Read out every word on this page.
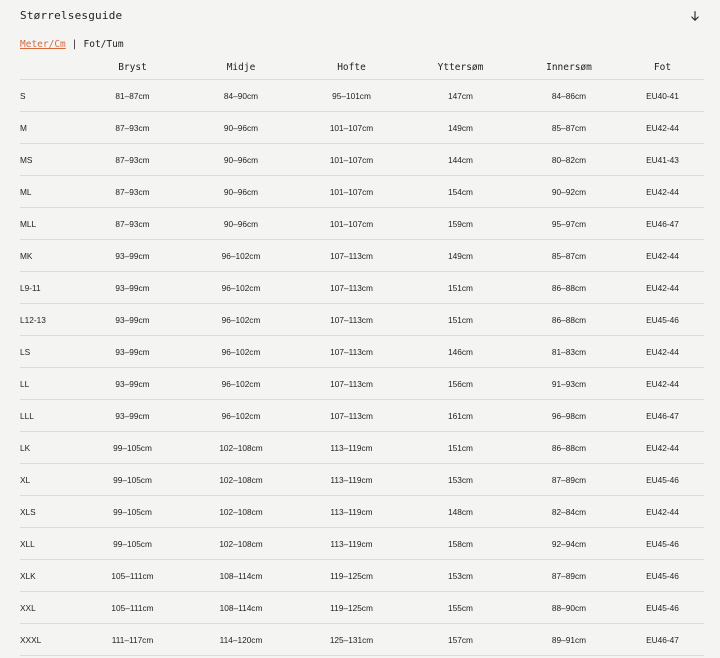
Størrelsesguide
Meter/Cm | Fot/Tum
	Bryst	Midje	Hofte	Yttersøm	Innersøm	Fot
S	81–87cm	84–90cm	95–101cm	147cm	84–86cm	EU40-41
M	87–93cm	90–96cm	101–107cm	149cm	85–87cm	EU42-44
MS	87–93cm	90–96cm	101–107cm	144cm	80–82cm	EU41-43
ML	87–93cm	90–96cm	101–107cm	154cm	90–92cm	EU42-44
MLL	87–93cm	90–96cm	101–107cm	159cm	95–97cm	EU46-47
MK	93–99cm	96–102cm	107–113cm	149cm	85–87cm	EU42-44
L9-11	93–99cm	96–102cm	107–113cm	151cm	86–88cm	EU42-44
L12-13	93–99cm	96–102cm	107–113cm	151cm	86–88cm	EU45-46
LS	93–99cm	96–102cm	107–113cm	146cm	81–83cm	EU42-44
LL	93–99cm	96–102cm	107–113cm	156cm	91–93cm	EU42-44
LLL	93–99cm	96–102cm	107–113cm	161cm	96–98cm	EU46-47
LK	99–105cm	102–108cm	113–119cm	151cm	86–88cm	EU42-44
XL	99–105cm	102–108cm	113–119cm	153cm	87–89cm	EU45-46
XLS	99–105cm	102–108cm	113–119cm	148cm	82–84cm	EU42-44
XLL	99–105cm	102–108cm	113–119cm	158cm	92–94cm	EU45-46
XLK	105–111cm	108–114cm	119–125cm	153cm	87–89cm	EU45-46
XXL	105–111cm	108–114cm	119–125cm	155cm	88–90cm	EU45-46
XXXL	111–117cm	114–120cm	125–131cm	157cm	89–91cm	EU46-47
